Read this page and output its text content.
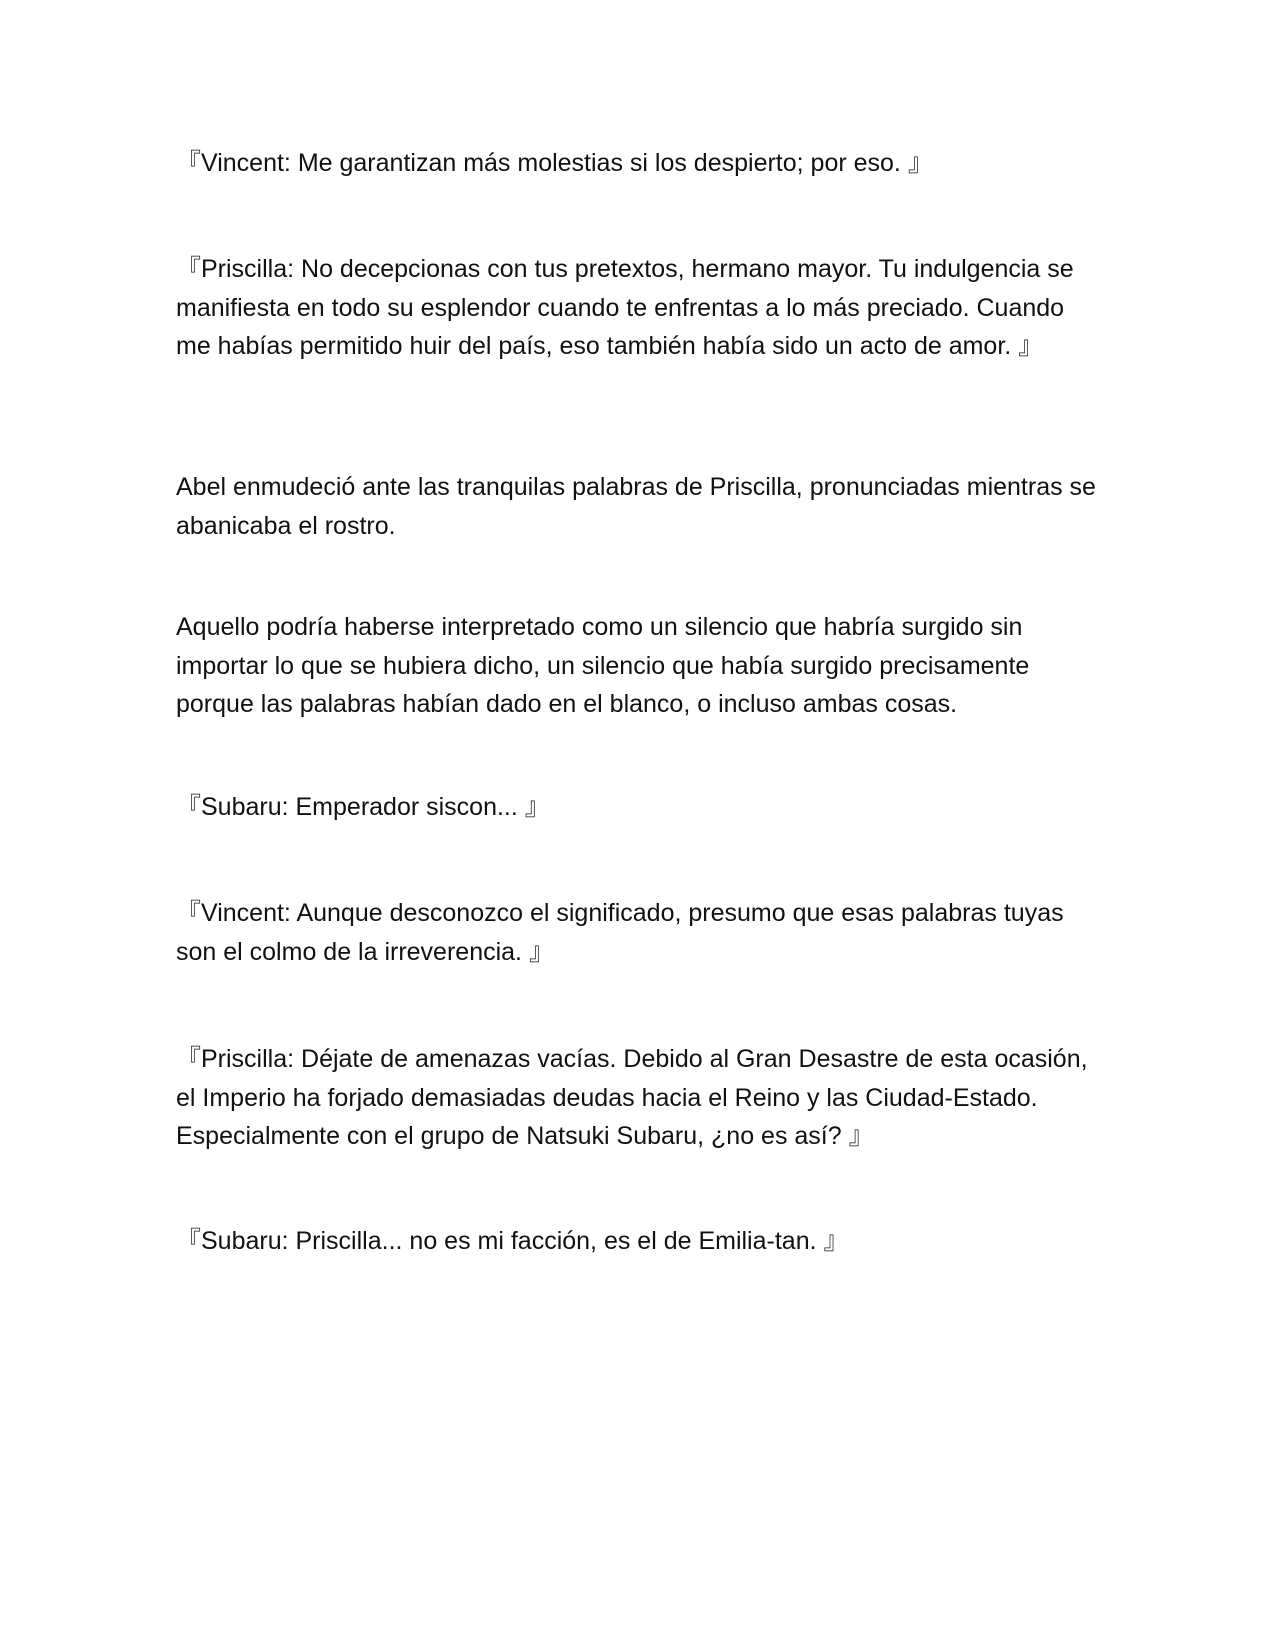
『Vincent: Me garantizan más molestias si los despierto; por eso. 』

『Priscilla: No decepcionas con tus pretextos, hermano mayor. Tu indulgencia se manifiesta en todo su esplendor cuando te enfrentas a lo más preciado. Cuando me habías permitido huir del país, eso también había sido un acto de amor. 』

Abel enmudeció ante las tranquilas palabras de Priscilla, pronunciadas mientras se abanicaba el rostro.

Aquello podría haberse interpretado como un silencio que habría surgido sin importar lo que se hubiera dicho, un silencio que había surgido precisamente porque las palabras habían dado en el blanco, o incluso ambas cosas.

『Subaru: Emperador siscon... 』

『Vincent: Aunque desconozco el significado, presumo que esas palabras tuyas son el colmo de la irreverencia. 』

『Priscilla: Déjate de amenazas vacías. Debido al Gran Desastre de esta ocasión, el Imperio ha forjado demasiadas deudas hacia el Reino y las Ciudad-Estado. Especialmente con el grupo de Natsuki Subaru, ¿no es así? 』

『Subaru: Priscilla... no es mi facción, es el de Emilia-tan. 』
